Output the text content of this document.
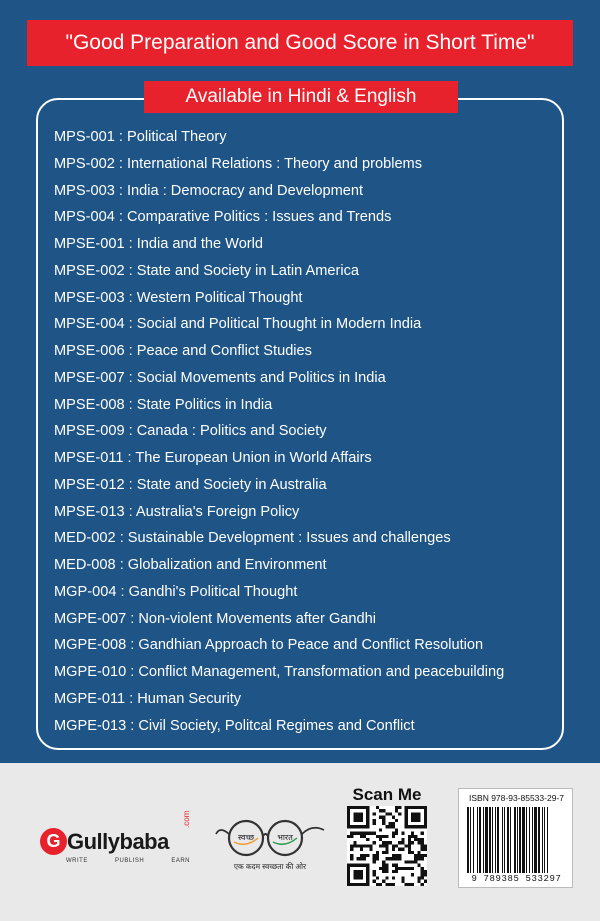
"Good Preparation and Good Score in Short Time"
Available in Hindi & English
MPS-001 : Political Theory
MPS-002 : International Relations : Theory and problems
MPS-003 : India : Democracy and Development
MPS-004 : Comparative Politics : Issues and Trends
MPSE-001 : India and the World
MPSE-002 : State and Society in Latin America
MPSE-003 : Western Political Thought
MPSE-004 : Social and Political Thought in Modern India
MPSE-006 : Peace and Conflict Studies
MPSE-007 : Social Movements and Politics in India
MPSE-008 : State Politics in India
MPSE-009 : Canada : Politics and Society
MPSE-011 : The European Union in World Affairs
MPSE-012 : State and Society in Australia
MPSE-013 : Australia's Foreign Policy
MED-002 : Sustainable Development : Issues and challenges
MED-008 : Globalization and Environment
MGP-004 : Gandhi's Political Thought
MGPE-007 : Non-violent Movements after Gandhi
MGPE-008 : Gandhian Approach to Peace and Conflict Resolution
MGPE-010 : Conflict Management, Transformation and peacebuilding
MGPE-011 : Human Security
MGPE-013 : Civil Society, Politcal Regimes and Conflict
G Gullybaba
.com
WRITE	PUBLISH	EARN
स्वच्छ	भारत
एक कदम स्वच्छता की ओर
Scan Me	ISBN 978-93-85533-29-7
9 789385 533297
